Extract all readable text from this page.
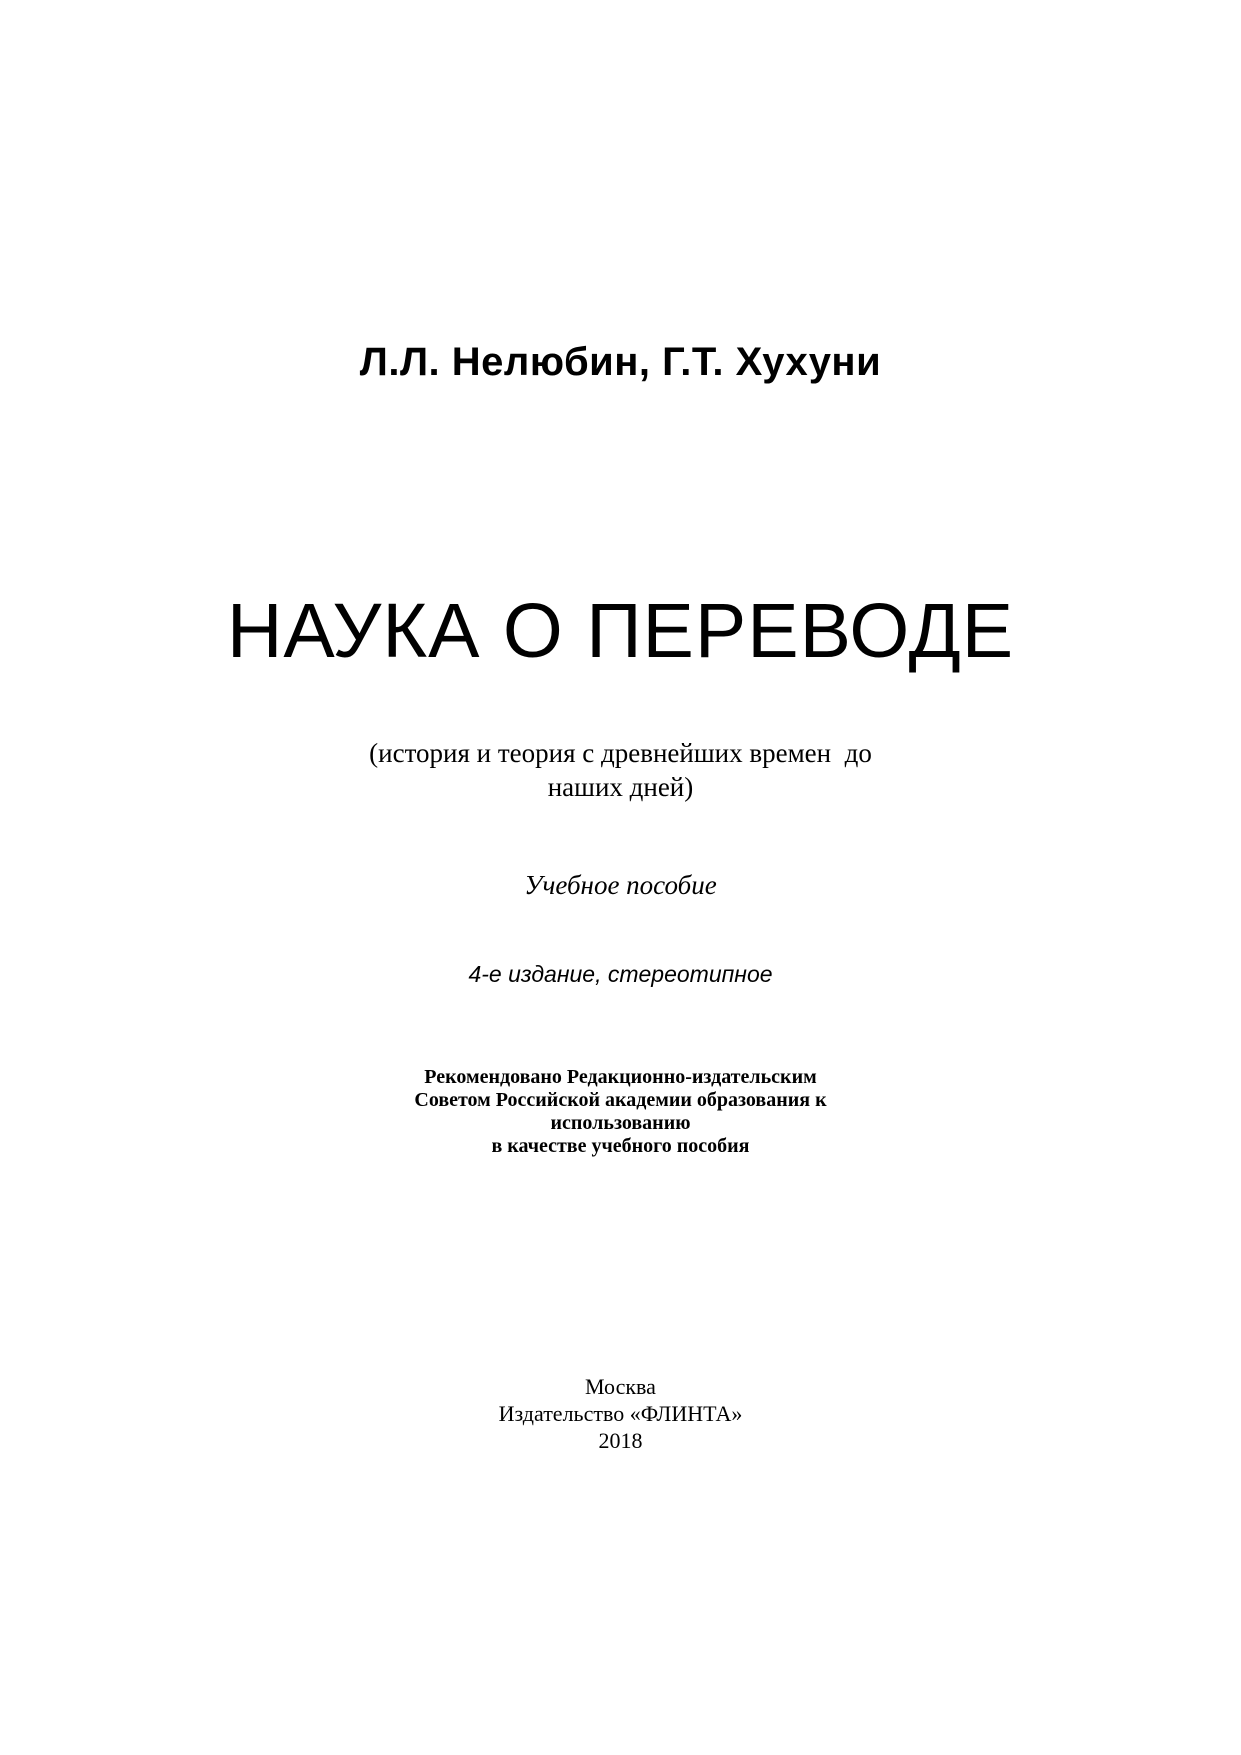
Л.Л. Нелюбин, Г.Т. Хухуни
НАУКА О ПЕРЕВОДЕ
(история и теория с древнейших времен  до
наших дней)
Учебное пособие
4-е издание, стереотипное
Рекомендовано Редакционно-издательским
Советом Российской академии образования к
использованию
в качестве учебного пособия
Москва
Издательство «ФЛИНТА»
2018
